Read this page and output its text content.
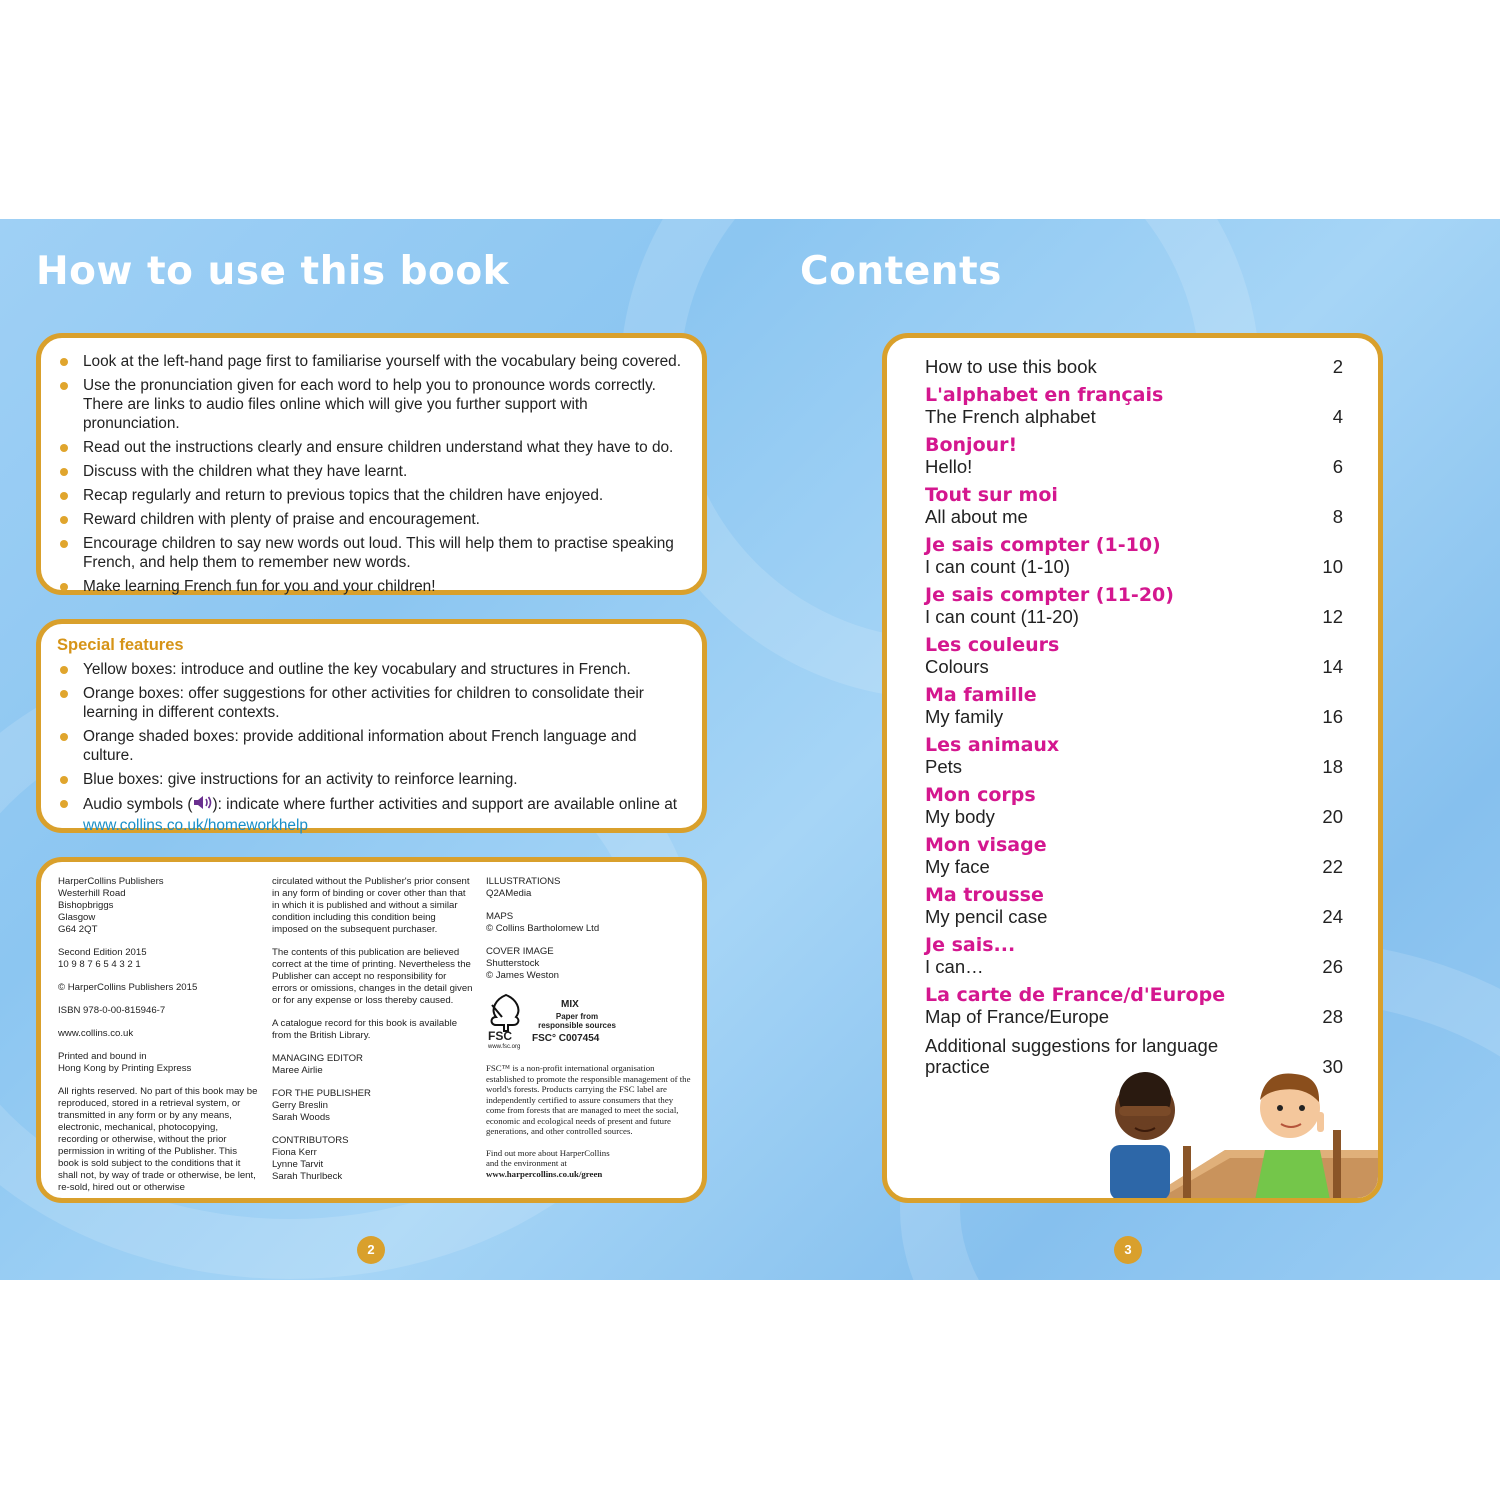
How to use this book
Look at the left-hand page first to familiarise yourself with the vocabulary being covered.
Use the pronunciation given for each word to help you to pronounce words correctly. There are links to audio files online which will give you further support with pronunciation.
Read out the instructions clearly and ensure children understand what they have to do.
Discuss with the children what they have learnt.
Recap regularly and return to previous topics that the children have enjoyed.
Reward children with plenty of praise and encouragement.
Encourage children to say new words out loud. This will help them to practise speaking French, and help them to remember new words.
Make learning French fun for you and your children!
Special features
Yellow boxes: introduce and outline the key vocabulary and structures in French.
Orange boxes: offer suggestions for other activities for children to consolidate their learning in different contexts.
Orange shaded boxes: provide additional information about French language and culture.
Blue boxes: give instructions for an activity to reinforce learning.
Audio symbols ( ): indicate where further activities and support are available online at
www.collins.co.uk/homeworkhelp

HarperCollins Publishers
Westerhill Road
Bishopbriggs
Glasgow
G64 2QT

Second Edition 2015
10 9 8 7 6 5 4 3 2 1

© HarperCollins Publishers 2015

ISBN 978-0-00-815946-7

www.collins.co.uk

Printed and bound in
Hong Kong by Printing Express

All rights reserved. No part of this book may be reproduced, stored in a retrieval system, or transmitted in any form or by any means, electronic, mechanical, photocopying, recording or otherwise, without the prior permission in writing of the Publisher. This book is sold subject to the conditions that it shall not, by way of trade or otherwise, be lent, re-sold, hired out or otherwise

circulated without the Publisher's prior consent in any form of binding or cover other than that in which it is published and without a similar condition including this condition being imposed on the subsequent purchaser.

The contents of this publication are believed correct at the time of printing. Nevertheless the Publisher can accept no responsibility for errors or omissions, changes in the detail given or for any expense or loss thereby caused.

A catalogue record for this book is available from the British Library.

MANAGING EDITOR
Maree Airlie

FOR THE PUBLISHER
Gerry Breslin
Sarah Woods

CONTRIBUTORS
Fiona Kerr
Lynne Tarvit
Sarah Thurlbeck

ILLUSTRATIONS
Q2AMedia

MAPS
© Collins Bartholomew Ltd

COVER IMAGE
Shutterstock
© James Weston

FSC
www.fsc.org
MIX
Paper from
responsible sources
FSC° C007454

FSC™ is a non-profit international organisation established to promote the responsible management of the world's forests. Products carrying the FSC label are independently certified to assure consumers that they come from forests that are managed to meet the social, economic and ecological needs of present and future generations, and other controlled sources.

Find out more about HarperCollins
and the environment at
www.harpercollins.co.uk/green

2
Contents
How to use this book	2
L'alphabet en français
The French alphabet	4
Bonjour!
Hello!	6
Tout sur moi
All about me	8
Je sais compter (1-10)
I can count (1-10)	10
Je sais compter (11-20)
I can count (11-20)	12
Les couleurs
Colours	14
Ma famille
My family	16
Les animaux
Pets	18
Mon corps
My body	20
Mon visage
My face	22
Ma trousse
My pencil case	24
Je sais...
I can…	26
La carte de France/d'Europe
Map of France/Europe	28
Additional suggestions for language practice	30
3
